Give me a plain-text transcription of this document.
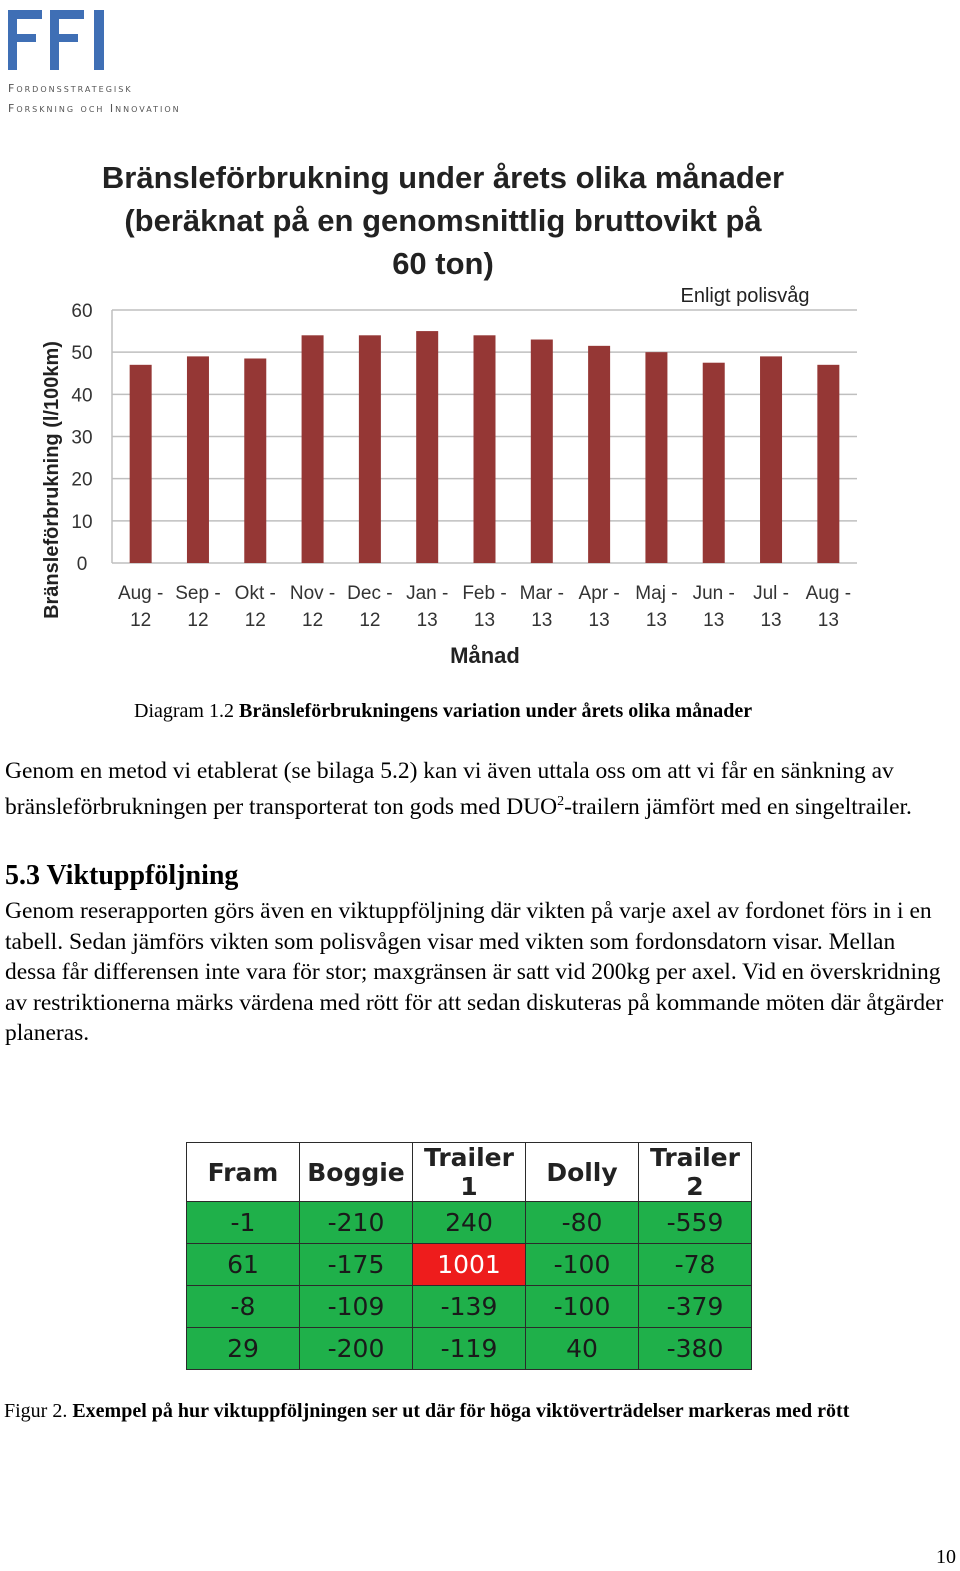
Fordonsstrategisk
Forskning och Innovation
Bränsleförbrukning under årets olika månader
(beräknat på en genomsnittlig bruttovikt på
60 ton)
Enligt polisvåg
0
10
20
30
40
50
60
Aug -
12
Sep -
12
Okt -
12
Nov -
12
Dec -
12
Jan -
13
Feb -
13
Mar -
13
Apr -
13
Maj -
13
Jun -
13
Jul -
13
Aug -
13
Månad
Bränsleförbrukning (l/100km)
Diagram 1.2 Bränsleförbrukningens variation under årets olika månader
Genom en metod vi etablerat (se bilaga 5.2) kan vi även uttala oss om att vi får en sänkning av bränsleförbrukningen per transporterat ton gods med DUO$^2$-trailern jämfört med en singeltrailer.
5.3 Viktuppföljning
Genom reserapporten görs även en viktuppföljning där vikten på varje axel av fordonet förs in i en tabell. Sedan jämförs vikten som polisvågen visar med vikten som fordonsdatorn visar. Mellan dessa får differensen inte vara för stor; maxgränsen är satt vid 200kg per axel. Vid en överskridning av restriktionerna märks värdena med rött för att sedan diskuteras på kommande möten där åtgärder planeras.
Fram	Boggie	Trailer 1	Dolly	Trailer 2
-1	-210	240	-80	-559
61	-175	1001	-100	-78
-8	-109	-139	-100	-379
29	-200	-119	40	-380
Figur 2. Exempel på hur viktuppföljningen ser ut där för höga viktöverträdelser markeras med rött
10
